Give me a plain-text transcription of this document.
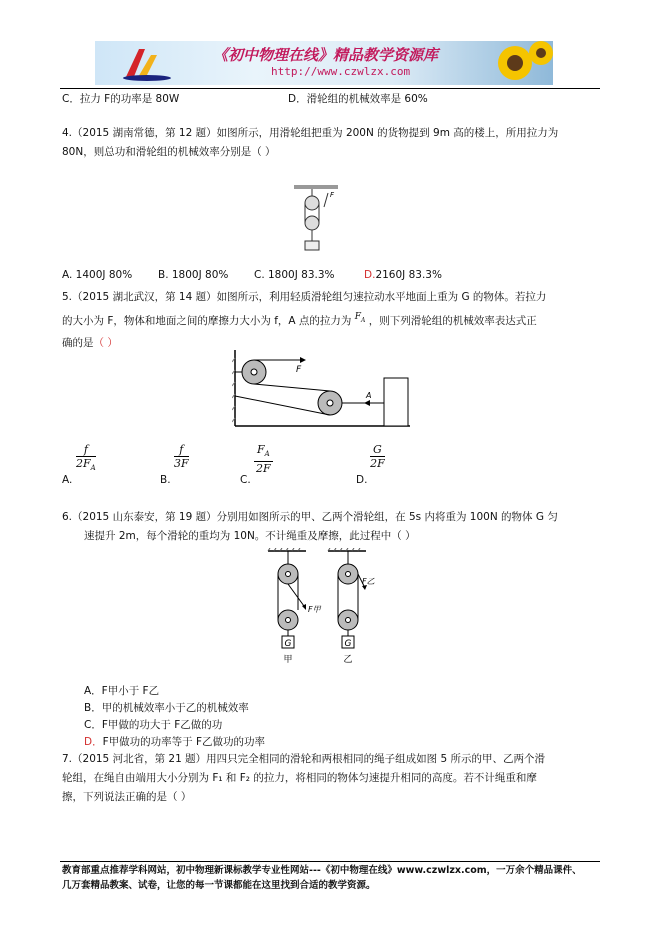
《初中物理在线》精品教学资源库
http://www.czwlzx.com
C．拉力 F的功率是 80W	D．滑轮组的机械效率是 60%
4.（2015 湖南常德，第 12 题）如图所示，用滑轮组把重为 200N 的货物提到 9m 高的楼上，所用拉力为
80N，则总功和滑轮组的机械效率分别是（ ）
F
A. 1400J 80% B. 1800J 80% C. 1800J 83.3%	D.2160J 83.3%
5.（2015 湖北武汉，第 14 题）如图所示，利用轻质滑轮组匀速拉动水平地面上重为 G 的物体。若拉力
的大小为 F，物体和地面之间的摩擦力大小为 f，A 点的拉力为 $F_A$ ，则下列滑轮组的机械效率表达式正
确的是（ ）
F
A
A.
$\frac{f}{2F_A}$
B.
$\frac{f}{3F}$
C.
$\frac{F_A}{2F}$
D.
$\frac{G}{2F}$
6.（2015 山东泰安，第 19 题）分别用如图所示的甲、乙两个滑轮组，在 5s 内将重为 100N 的物体 G 匀
速提升 2m，每个滑轮的重均为 10N。不计绳重及摩擦，此过程中（ ）
G
F甲
甲
G
F乙
乙
A．F甲小于 F乙
B．甲的机械效率小于乙的机械效率
C．F甲做的功大于 F乙做的功
D．F甲做功的功率等于 F乙做功的功率
7.（2015 河北省，第 21 题）用四只完全相同的滑轮和两根相同的绳子组成如图 5 所示的甲、乙两个滑
轮组，在绳自由端用大小分别为 F₁ 和 F₂ 的拉力，将相同的物体匀速提升相同的高度。若不计绳重和摩
擦，下列说法正确的是（ ）
教育部重点推荐学科网站，初中物理新课标教学专业性网站---《初中物理在线》www.czwlzx.com，一万余个精品课件、
几万套精品教案、试卷，让您的每一节课都能在这里找到合适的教学资源。
